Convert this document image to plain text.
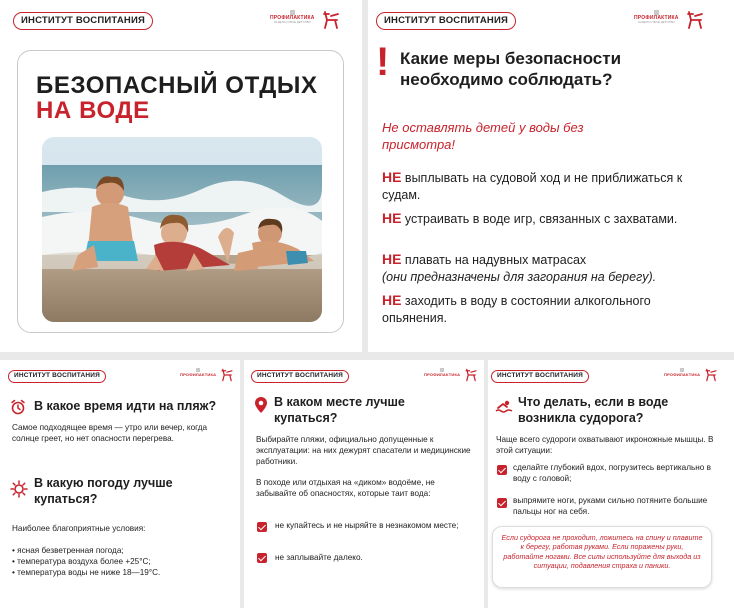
ИНСТИТУТ ВОСПИТАНИЯ	ПРОФИЛАКТИКА
ЗАЩИТИ СВОЁ ДЕТСТВО
БЕЗОПАСНЫЙ ОТДЫХ
НА ВОДЕ
ИНСТИТУТ ВОСПИТАНИЯ	ПРОФИЛАКТИКА
ЗАЩИТИ СВОЁ ДЕТСТВО
! Какие меры безопасности необходимо соблюдать?
Не оставлять детей у воды без присмотра!
НЕ выплывать на судовой ход и не приближаться к судам.
НЕ устраивать в воде игр, связанных с захватами.
НЕ плавать на надувных матрасах
(они предназначены для загорания на берегу).
НЕ заходить в воду в состоянии алкогольного опьянения.
ИНСТИТУТ ВОСПИТАНИЯ	ПРОФИЛАКТИКА
В какое время идти на пляж?
Самое подходящее время — утро или вечер, когда солнце греет, но нет опасности перегрева.
В какую погоду лучше купаться?
Наиболее благоприятные условия:
• ясная безветренная погода;
• температура воздуха более +25°С;
• температура воды не ниже 18—19°С.
ИНСТИТУТ ВОСПИТАНИЯ	ПРОФИЛАКТИКА
В каком месте лучше купаться?
Выбирайте пляжи, официально допущенные к эксплуатации: на них дежурят спасатели и медицинские работники.
В походе или отдыхая на «диком» водоёме, не забывайте об опасностях, которые таит вода:
не купайтесь и не ныряйте в незнакомом месте;
не заплывайте далеко.
ИНСТИТУТ ВОСПИТАНИЯ	ПРОФИЛАКТИКА
Что делать, если в воде возникла судорога?
Чаще всего судороги охватывают икроножные мышцы. В этой ситуации:
сделайте глубокий вдох, погрузитесь вертикально в воду с головой;
выпрямите ноги, руками сильно потяните большие пальцы ног на себя.
Если судорога не проходит, ложитесь на спину и плавите к берегу, работая руками. Если поражены руки, работайте ногами. Все силы используйте для выхода из ситуации, подавления страха и паники.
